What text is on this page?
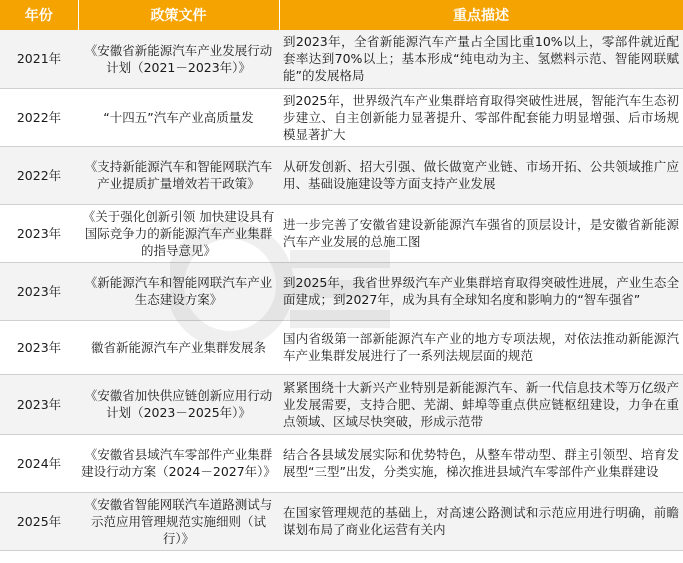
年份	政策文件	重点描述
2021年	《安徽省新能源汽车产业发展行动计划（2021－2023年）》	到2023年，全省新能源汽车产量占全国比重10%以上，零部件就近配套率达到70%以上；基本形成“纯电动为主、氢燃料示范、智能网联赋能”的发展格局
2022年	“十四五”汽车产业高质量发	到2025年，世界级汽车产业集群培育取得突破性进展，智能汽车生态初步建立、自主创新能力显著提升、零部件配套能力明显增强、后市场规模显著扩大
2022年	《支持新能源汽车和智能网联汽车产业提质扩量增效若干政策》	从研发创新、招大引强、做长做宽产业链、市场开拓、公共领域推广应用、基础设施建设等方面支持产业发展
2023年	《关于强化创新引领 加快建设具有国际竞争力的新能源汽车产业集群的指导意见》	进一步完善了安徽省建设新能源汽车强省的顶层设计，是安徽省新能源汽车产业发展的总施工图
2023年	《新能源汽车和智能网联汽车产业生态建设方案》	到2025年，我省世界级汽车产业集群培育取得突破性进展，产业生态全面建成；到2027年，成为具有全球知名度和影响力的“智车强省”
2023年	徽省新能源汽车产业集群发展条	国内省级第一部新能源汽车产业的地方专项法规，对依法推动新能源汽车产业集群发展进行了一系列法规层面的规范
2023年	《安徽省加快供应链创新应用行动计划（2023－2025年）》	紧紧围绕十大新兴产业特别是新能源汽车、新一代信息技术等万亿级产业发展需要，支持合肥、芜湖、蚌埠等重点供应链枢纽建设，力争在重点领域、区域尽快突破，形成示范带
2024年	《安徽省县域汽车零部件产业集群建设行动方案（2024－2027年）》	结合各县域发展实际和优势特色，从整车带动型、群主引领型、培育发展型“三型”出发，分类实施，梯次推进县域汽车零部件产业集群建设
2025年	《安徽省智能网联汽车道路测试与示范应用管理规范实施细则（试行）》	在国家管理规范的基础上，对高速公路测试和示范应用进行明确，前瞻谋划布局了商业化运营有关内
